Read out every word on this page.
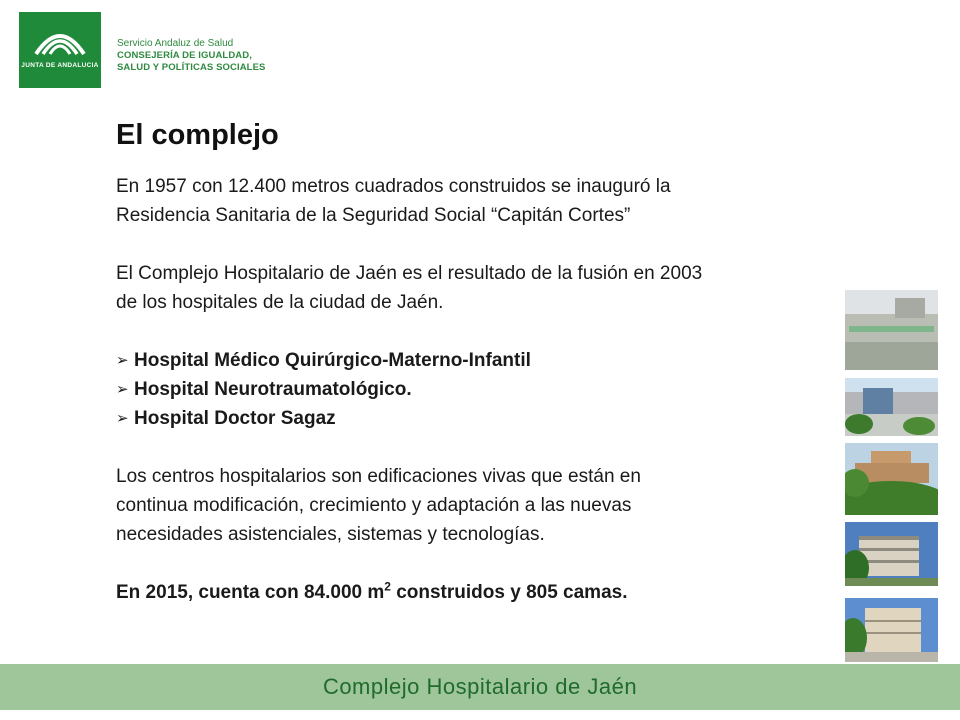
JUNTA DE ANDALUCIA
Servicio Andaluz de Salud
CONSEJERÍA DE IGUALDAD,
SALUD Y POLÍTICAS SOCIALES
El complejo

En 1957 con 12.400 metros cuadrados construidos se inauguró la

Residencia Sanitaria de la Seguridad Social “Capitán Cortes”

El Complejo Hospitalario de Jaén es el resultado de la fusión en 2003

de los hospitales de la ciudad de Jaén.

➢ Hospital Médico Quirúrgico-Materno-Infantil
➢ Hospital Neurotraumatológico.
➢ Hospital Doctor Sagaz

Los centros hospitalarios son edificaciones vivas que están en

continua modificación, crecimiento y adaptación a las nuevas

necesidades asistenciales, sistemas y tecnologías.

En 2015, cuenta con 84.000 $m^2$ construidos y 805 camas.

Complejo Hospitalario de Jaén
